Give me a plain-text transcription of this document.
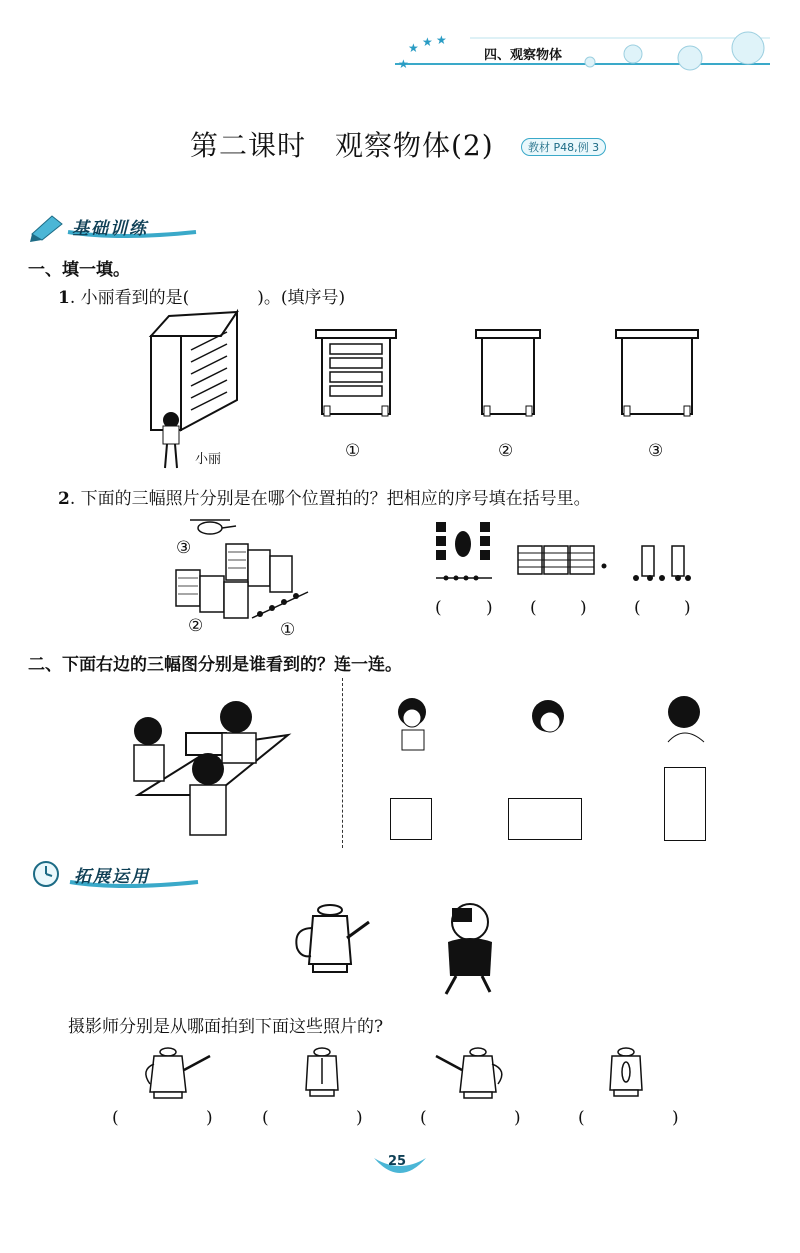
★
★ ★ ★
四、观察物体
第二课时　观察物体(2)	教材 P48,例 3
基础训练
一、填一填。
1. 小丽看到的是(	)。(填序号)
小丽	①	②	③
2. 下面的三幅照片分别是在哪个位置拍的？把相应的序号填在括号里。
③
②	①
(	) (	)	(	)
二、下面右边的三幅图分别是谁看到的？连一连。
拓展运用
摄影师分别是从哪面拍到下面这些照片的?
(	)	(	)	(	)	(	)
25
